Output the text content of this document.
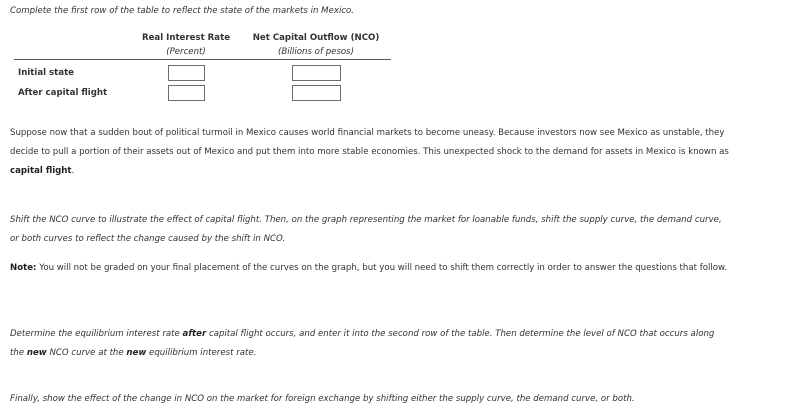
Complete the first row of the table to reflect the state of the markets in Mexico.

	Real Interest Rate	Net Capital Outflow (NCO)
	(Percent)	(Billions of pesos)
Initial state		
After capital flight		

Suppose now that a sudden bout of political turmoil in Mexico causes world financial markets to become uneasy. Because investors now see Mexico as unstable, they decide to pull a portion of their assets out of Mexico and put them into more stable economies. This unexpected shock to the demand for assets in Mexico is known as capital flight.

Shift the NCO curve to illustrate the effect of capital flight. Then, on the graph representing the market for loanable funds, shift the supply curve, the demand curve, or both curves to reflect the change caused by the shift in NCO.

Note: You will not be graded on your final placement of the curves on the graph, but you will need to shift them correctly in order to answer the questions that follow.

Determine the equilibrium interest rate after capital flight occurs, and enter it into the second row of the table. Then determine the level of NCO that occurs along the new NCO curve at the new equilibrium interest rate.

Finally, show the effect of the change in NCO on the market for foreign exchange by shifting either the supply curve, the demand curve, or both.
